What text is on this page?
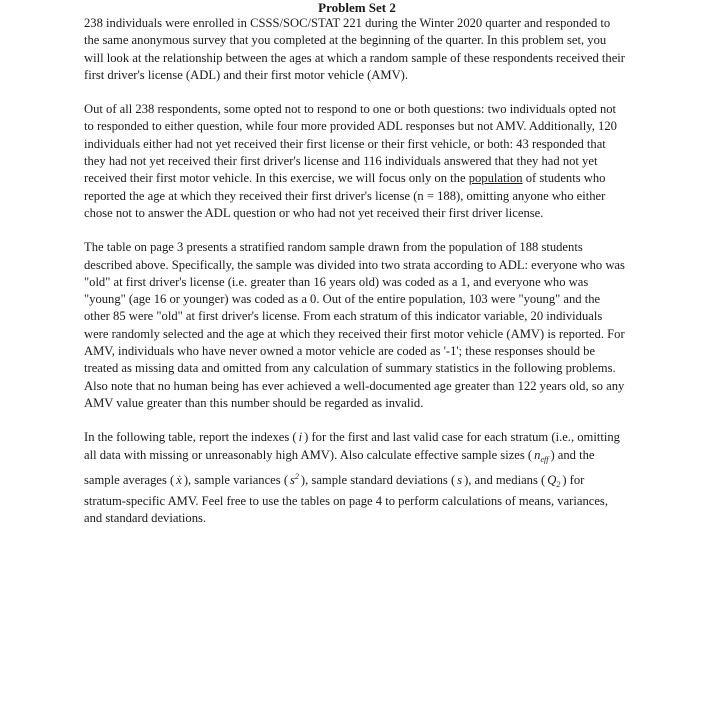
Problem Set 2

238 individuals were enrolled in CSSS/SOC/STAT 221 during the Winter 2020 quarter and responded to the same anonymous survey that you completed at the beginning of the quarter. In this problem set, you will look at the relationship between the ages at which a random sample of these respondents received their first driver's license (ADL) and their first motor vehicle (AMV).

Out of all 238 respondents, some opted not to respond to one or both questions: two individuals opted not to responded to either question, while four more provided ADL responses but not AMV. Additionally, 120 individuals either had not yet received their first license or their first vehicle, or both: 43 responded that they had not yet received their first driver's license and 116 individuals answered that they had not yet received their first motor vehicle. In this exercise, we will focus only on the population of students who reported the age at which they received their first driver's license (n = 188), omitting anyone who either chose not to answer the ADL question or who had not yet received their first driver license.

The table on page 3 presents a stratified random sample drawn from the population of 188 students described above. Specifically, the sample was divided into two strata according to ADL: everyone who was "old" at first driver's license (i.e. greater than 16 years old) was coded as a 1, and everyone who was "young" (age 16 or younger) was coded as a 0. Out of the entire population, 103 were "young" and the other 85 were "old" at first driver's license. From each stratum of this indicator variable, 20 individuals were randomly selected and the age at which they received their first motor vehicle (AMV) is reported. For AMV, individuals who have never owned a motor vehicle are coded as '-1'; these responses should be treated as missing data and omitted from any calculation of summary statistics in the following problems. Also note that no human being has ever achieved a well-documented age greater than 122 years old, so any AMV value greater than this number should be regarded as invalid.

In the following table, report the indexes ( i ) for the first and last valid case for each stratum (i.e., omitting all data with missing or unreasonably high AMV). Also calculate effective sample sizes ( $n_{eff}$ ) and the sample averages ( ẋ ), sample variances ( $s^2$ ), sample standard deviations ( s ), and medians ( $Q_2$ ) for stratum-specific AMV. Feel free to use the tables on page 4 to perform calculations of means, variances, and standard deviations.
